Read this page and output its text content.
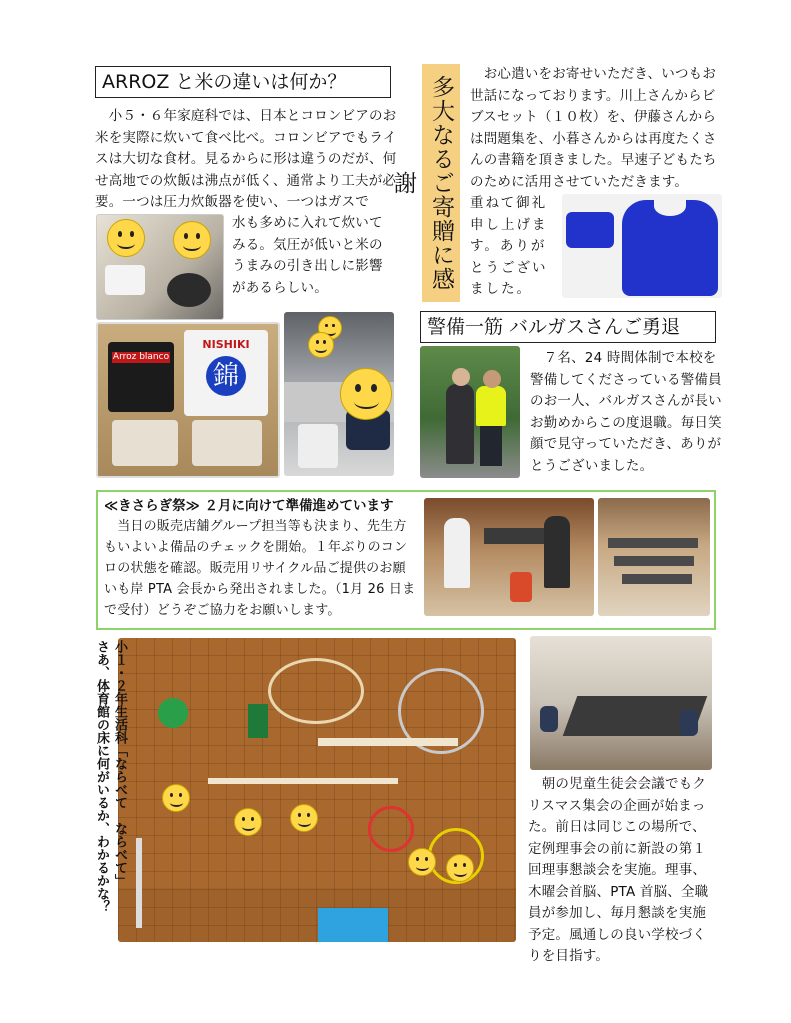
ARROZ と米の違いは何か？
　小５・６年家庭科では、日本とコロンビアのお米を実際に炊いて食べ比べ。コロンビアでもライスは大切な食材。見るからに形は違うのだが、何せ高地での炊飯は沸点が低く、通常より工夫が必要。一つは圧力炊飯器を使い、一つはガスで
水も多めに入れて炊いてみる。気圧が低いと米のうまみの引き出しに影響があるらしい。
Arroz blanco
NISHIKI
錦
多大なるご寄贈に感謝
　お心遣いをお寄せいただき、いつもお世話になっております。川上さんからビブスセット（１０枚）を、伊藤さんからは問題集を、小暮さんからは再度たくさんの書籍を頂きました。早速子どもたちのために活用させていただきます。
重ねて御礼申し上げます。ありがとうございました。
警備一筋 バルガスさんご勇退
　７名、24 時間体制で本校を警備してくださっている警備員のお一人、バルガスさんが長いお勤めからこの度退職。毎日笑顔で見守っていただき、ありがとうございました。
≪きさらぎ祭≫ ２月に向けて準備進めています
　当日の販売店舗グループ担当等も決まり、先生方もいよいよ備品のチェックを開始。１年ぶりのコンロの状態を確認。販売用リサイクル品ご提供のお願いも岸 PTA 会長から発出されました。（1月 26 日まで受付）どうぞご協力をお願いします。
小１・２年生活科「ならべて　ならべて」
さあ、体育館の床に何がいるか、わかるかな？	　朝の児童生徒会会議でもクリスマス集会の企画が始まった。前日は同じこの場所で、定例理事会の前に新設の第１回理事懇談会を実施。理事、木曜会首脳、PTA 首脳、全職員が参加し、毎月懇談を実施予定。風通しの良い学校づくりを目指す。
